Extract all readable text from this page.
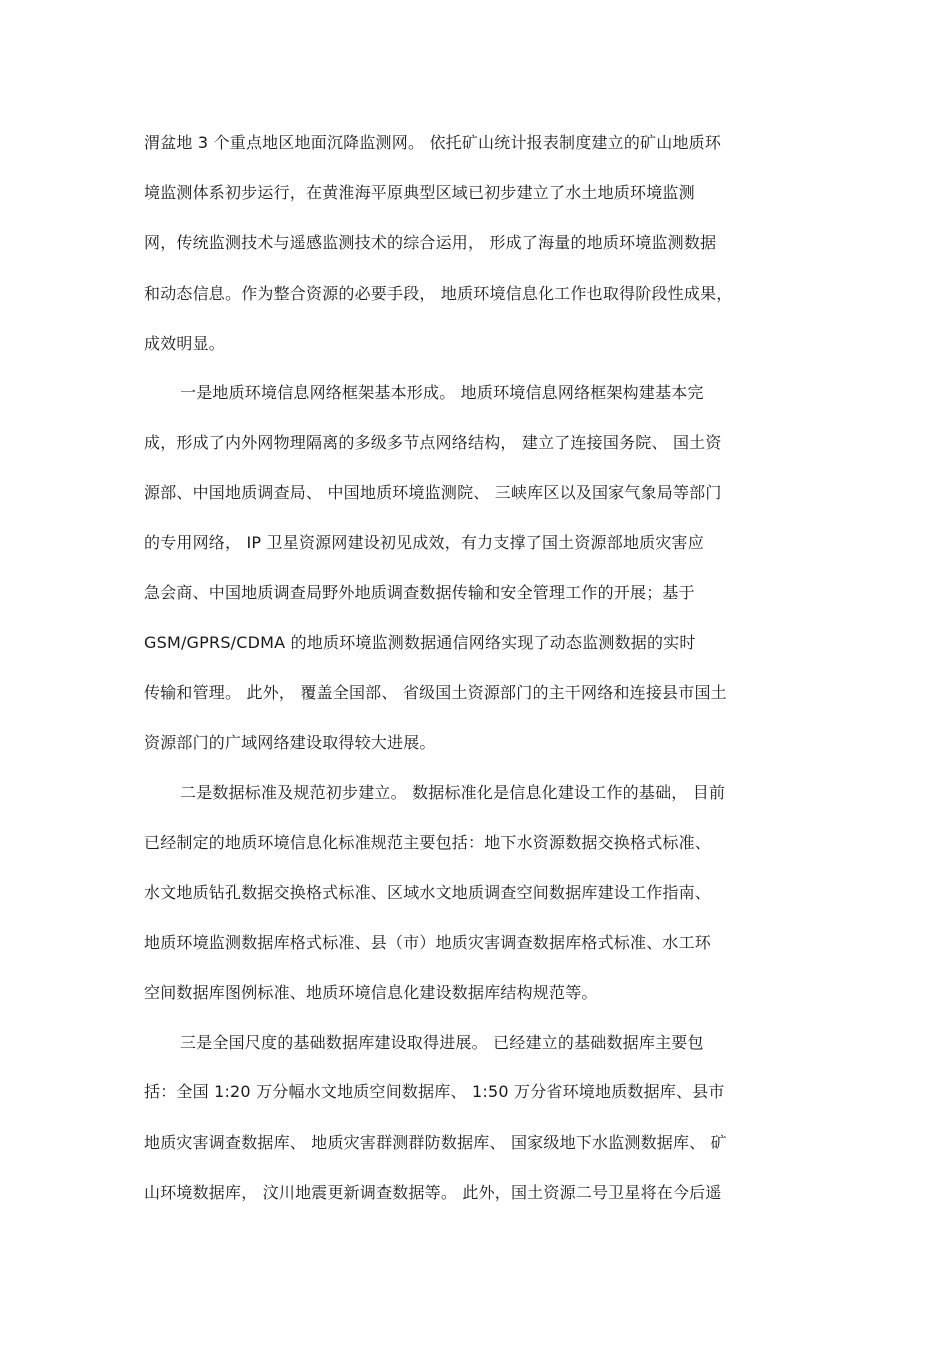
渭盆地 3 个重点地区地面沉降监测网。 依托矿山统计报表制度建立的矿山地质环
境监测体系初步运行，在黄淮海平原典型区域已初步建立了水土地质环境监测
网，传统监测技术与遥感监测技术的综合运用， 形成了海量的地质环境监测数据
和动态信息。作为整合资源的必要手段， 地质环境信息化工作也取得阶段性成果，
成效明显。
一是地质环境信息网络框架基本形成。 地质环境信息网络框架构建基本完
成，形成了内外网物理隔离的多级多节点网络结构， 建立了连接国务院、 国土资
源部、中国地质调查局、 中国地质环境监测院、 三峡库区以及国家气象局等部门
的专用网络， IP 卫星资源网建设初见成效，有力支撑了国土资源部地质灾害应
急会商、中国地质调查局野外地质调查数据传输和安全管理工作的开展；基于
GSM/GPRS/CDMA 的地质环境监测数据通信网络实现了动态监测数据的实时
传输和管理。 此外， 覆盖全国部、 省级国土资源部门的主干网络和连接县市国土
资源部门的广域网络建设取得较大进展。
二是数据标准及规范初步建立。 数据标准化是信息化建设工作的基础， 目前
已经制定的地质环境信息化标准规范主要包括：地下水资源数据交换格式标准、
水文地质钻孔数据交换格式标准、区域水文地质调查空间数据库建设工作指南、
地质环境监测数据库格式标准、县（市）地质灾害调查数据库格式标准、水工环
空间数据库图例标准、地质环境信息化建设数据库结构规范等。
三是全国尺度的基础数据库建设取得进展。 已经建立的基础数据库主要包
括：全国 1:20 万分幅水文地质空间数据库、 1:50 万分省环境地质数据库、县市
地质灾害调查数据库、 地质灾害群测群防数据库、 国家级地下水监测数据库、 矿
山环境数据库， 汶川地震更新调查数据等。 此外，国土资源二号卫星将在今后遥
